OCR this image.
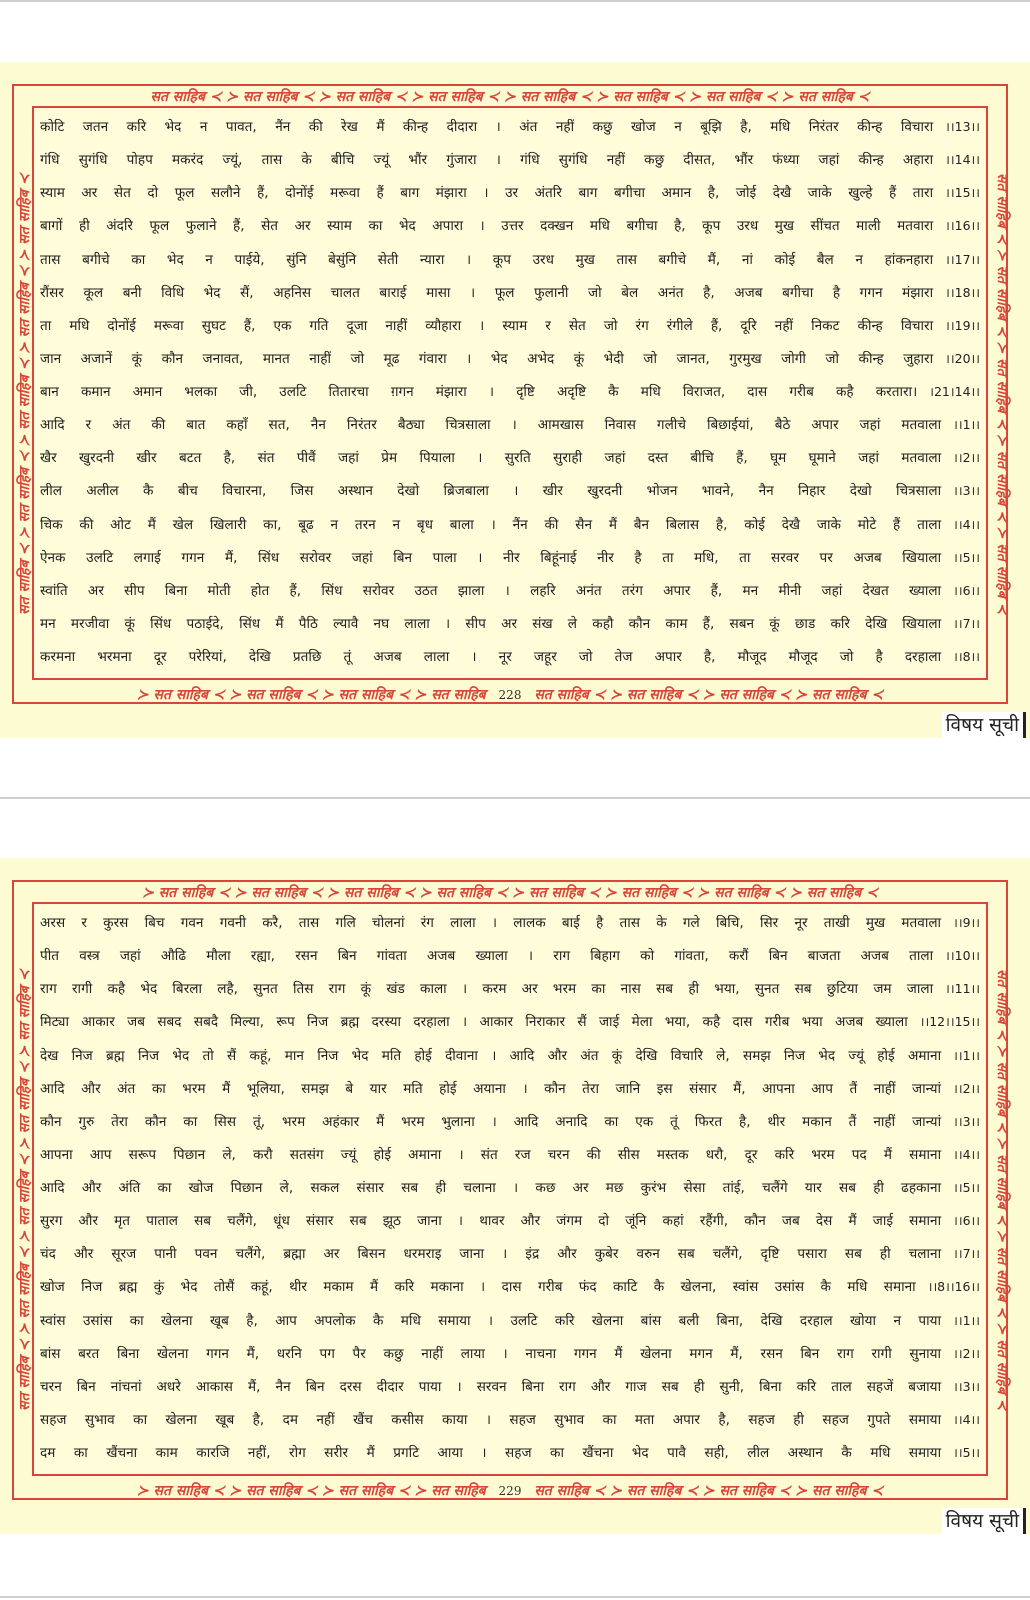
सत साहिब ≺ ≻ सत साहिब ≺ ≻ सत साहिब ≺ ≻ सत साहिब ≺ ≻ सत साहिब ≺ ≻ सत साहिब ≺ ≻ सत साहिब ≺ ≻ सत साहिब ≺
≻ सत साहिब ≺ ≻ सत साहिब ≺ ≻ सत साहिब ≺ ≻ सत साहिब 228 सत साहिब ≺ ≻ सत साहिब ≺ ≻ सत साहिब ≺ ≻ सत साहिब ≺
सत साहिब ≺ ≻ सत साहिब ≺ ≻ सत साहिब ≺ ≻ सत साहिब ≺ ≻ सत साहिब ≺	सत साहिब ≺ ≻ सत साहिब ≺ ≻ सत साहिब ≺ ≻ सत साहिब ≺ ≻ सत साहिब ≺
कोटि जतन करि भेद न पावत, नैंन की रेख मैं कीन्ह दीदारा । अंत नहीं कछु खोज न बूझि है, मधि निरंतर कीन्ह विचारा ।।13।।
गंधि सुगंधि पोहप मकरंद ज्यूं, तास के बीचि ज्यूं भौंर गुंजारा । गंधि सुगंधि नहीं कछु दीसत, भौंर फंध्या जहां कीन्ह अहारा ।।14।।
स्याम अर सेत दो फूल सलौने हैं, दोनोंई मरूवा हैं बाग मंझारा । उर अंतरि बाग बगीचा अमान है, जोई देखै जाके खुल्हे हैं तारा ।।15।।
बागों ही अंदरि फूल फुलाने हैं, सेत अर स्याम का भेद अपारा । उत्तर दक्खन मधि बगीचा है, कूप उरध मुख सींचत माली मतवारा ।।16।।
तास बगीचे का भेद न पाईये, सुंनि बेसुंनि सेती न्यारा । कूप उरध मुख तास बगीचे मैं, नां कोई बैल न हांकनहारा ।।17।।
रौंसर कूल बनी विधि भेद सैं, अहनिस चालत बाराई मासा । फूल फुलानी जो बेल अनंत है, अजब बगीचा है गगन मंझारा ।।18।।
ता मधि दोनोंई मरूवा सुघट हैं, एक गति दूजा नाहीं व्यौहारा । स्याम र सेत जो रंग रंगीले हैं, दूरि नहीं निकट कीन्ह विचारा ।।19।।
जान अजानें कूं कौन जनावत, मानत नाहीं जो मूढ गंवारा । भेद अभेद कूं भेदी जो जानत, गुरमुख जोगी जो कीन्ह जुहारा ।।20।।
बान कमान अमान भलका जी, उलटि तितारचा ग़गन मंझारा । दृष्टि अदृष्टि कै मधि विराजत, दास गरीब कहै करतारा। ।21।14।।
आदि र अंत की बात कहाँ सत, नैन निरंतर बैठ्या चित्रसाला । आमखास निवास गलीचे बिछाईयां, बैठे अपार जहां मतवाला ।।1।।
खैर खुरदनी खीर बटत है, संत पीवैं जहां प्रेम पियाला । सुरति सुराही जहां दस्त बीचि हैं, घूम घूमाने जहां मतवाला ।।2।।
लील अलील कै बीच विचारना, जिस अस्थान देखो ब्रिजबाला । खीर खुरदनी भोजन भावने, नैन निहार देखो चित्रसाला ।।3।।
चिक की ओट मैं खेल खिलारी का, बूढ न तरन न बृध बाला । नैंन की सैन मैं बैन बिलास है, कोई देखै जाके मोटे हैं ताला ।।4।।
ऐनक उलटि लगाई गगन मैं, सिंध सरोवर जहां बिन पाला । नीर बिहूंनाई नीर है ता मधि, ता सरवर पर अजब खियाला ।।5।।
स्वांति अर सीप बिना मोती होत हैं, सिंध सरोवर उठत झाला । लहरि अनंत तरंग अपार हैं, मन मीनी जहां देखत ख्याला ।।6।।
मन मरजीवा कूं सिंध पठाईदे, सिंध मैं पैठि ल्यावै नघ लाला । सीप अर संख ले कहौ कौन काम हैं, सबन कूं छाड करि देखि खियाला ।।7।।
करमना भरमना दूर परेरियां, देखि प्रतछि तूं अजब लाला । नूर जहूर जो तेज अपार है, मौजूद मौजूद जो है दरहाला ।।8।।
विषय सूची
≻ सत साहिब ≺ ≻ सत साहिब ≺ ≻ सत साहिब ≺ ≻ सत साहिब ≺ ≻ सत साहिब ≺ ≻ सत साहिब ≺ ≻ सत साहिब ≺ ≻ सत साहिब ≺
≻ सत साहिब ≺ ≻ सत साहिब ≺ ≻ सत साहिब ≺ ≻ सत साहिब 229 सत साहिब ≺ ≻ सत साहिब ≺ ≻ सत साहिब ≺ ≻ सत साहिब ≺
सत साहिब ≺ ≻ सत साहिब ≺ ≻ सत साहिब ≺ ≻ सत साहिब ≺ ≻ सत साहिब ≺	सत साहिब ≺ ≻ सत साहिब ≺ ≻ सत साहिब ≺ ≻ सत साहिब ≺ ≻ सत साहिब ≺
अरस र कुरस बिच गवन गवनी करै, तास गलि चोलनां रंग लाला । लालक बाई है तास के गले बिचि, सिर नूर ताखी मुख मतवाला ।।9।।
पीत वस्त्र जहां औढि मौला रह्या, रसन बिन गांवता अजब ख्याला । राग बिहाग को गांवता, करौं बिन बाजता अजब ताला ।।10।।
राग रागी कहै भेद बिरला लहै, सुनत तिस राग कूं खंड काला । करम अर भरम का नास सब ही भया, सुनत सब छुटिया जम जाला ।।11।।
मिट्या आकार जब सबद सबदै मिल्या, रूप निज ब्रह्म दरस्या दरहाला । आकार निराकार सैं जाई मेला भया, कहै दास गरीब भया अजब ख्याला ।।12।।15।।
देख निज ब्रह्म निज भेद तो सैं कहूं, मान निज भेद मति होई दीवाना । आदि और अंत कूं देखि विचारि ले, समझ निज भेद ज्यूं होई अमाना ।।1।।
आदि और अंत का भरम मैं भूलिया, समझ बे यार मति होई अयाना । कौन तेरा जानि इस संसार मैं, आपना आप तैं नाहीं जान्यां ।।2।।
कौन गुरु तेरा कौन का सिस तूं, भरम अहंकार मैं भरम भुलाना । आदि अनादि का एक तूं फिरत है, थीर मकान तैं नाहीं जान्यां ।।3।।
आपना आप सरूप पिछान ले, करौ सतसंग ज्यूं होई अमाना । संत रज चरन की सीस मस्तक धरौ, दूर करि भरम पद मैं समाना ।।4।।
आदि और अंति का खोज पिछान ले, सकल संसार सब ही चलाना । कछ अर मछ कुरंभ सेसा तांई, चलैंगे यार सब ही ढहकाना ।।5।।
सुरग और मृत पाताल सब चलैंगे, धूंध संसार सब झूठ जाना । थावर और जंगम दो जूंनि कहां रहैंगी, कौन जब देस मैं जाई समाना ।।6।।
चंद और सूरज पानी पवन चलैंगे, ब्रह्मा अर बिसन धरमराइ जाना । इंद्र और कुबेर वरुन सब चलैंगे, दृष्टि पसारा सब ही चलाना ।।7।।
खोज निज ब्रह्म कुं भेद तोसैं कहूं, थीर मकाम मैं करि मकाना । दास गरीब फंद काटि कै खेलना, स्वांस उसांस कै मधि समाना ।।8।।16।।
स्वांस उसांस का खेलना खूब है, आप अपलोक कै मधि समाया । उलटि करि खेलना बांस बली बिना, देखि दरहाल खोया न पाया ।।1।।
बांस बरत बिना खेलना गगन मैं, धरनि पग पैर कछु नाहीं लाया । नाचना गगन मैं खेलना मगन मैं, रसन बिन राग रागी सुनाया ।।2।।
चरन बिन नांचनां अधरे आकास मैं, नैन बिन दरस दीदार पाया । सरवन बिना राग और गाज सब ही सुनी, बिना करि ताल सहजें बजाया ।।3।।
सहज सुभाव का खेलना खूब है, दम नहीं खैंच कसीस काया । सहज सुभाव का मता अपार है, सहज ही सहज गुपते समाया ।।4।।
दम का खैंचना काम कारजि नहीं, रोग सरीर मैं प्रगटि आया । सहज का खैंचना भेद पावै सही, लील अस्थान कै मधि समाया ।।5।।
विषय सूची
